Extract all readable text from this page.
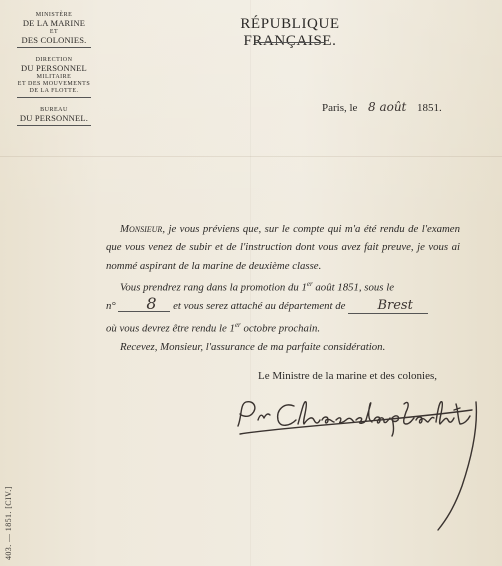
MINISTÈRE
DE LA MARINE
ET
DES COLONIES.
DIRECTION
DU PERSONNEL
MILITAIRE
ET DES MOUVEMENTS
DE LA FLOTTE.
BUREAU
DU PERSONNEL.
RÉPUBLIQUE FRANÇAISE.
Paris, le 8 août 1851.

Monsieur, je vous préviens que, sur le compte qui m'a été rendu de l'examen que vous venez de subir et de l'instruction dont vous avez fait preuve, je vous ai nommé aspirant de la marine de deuxième classe.

Vous prendrez rang dans la promotion du 1er août 1851, sous le
n° 8 et vous serez attaché au département de Brest
où vous devrez être rendu le 1er octobre prochain.

Recevez, Monsieur, l'assurance de ma parfaite considération.

Le Ministre de la marine et des colonies,
403. — 1851. [CIV.]
